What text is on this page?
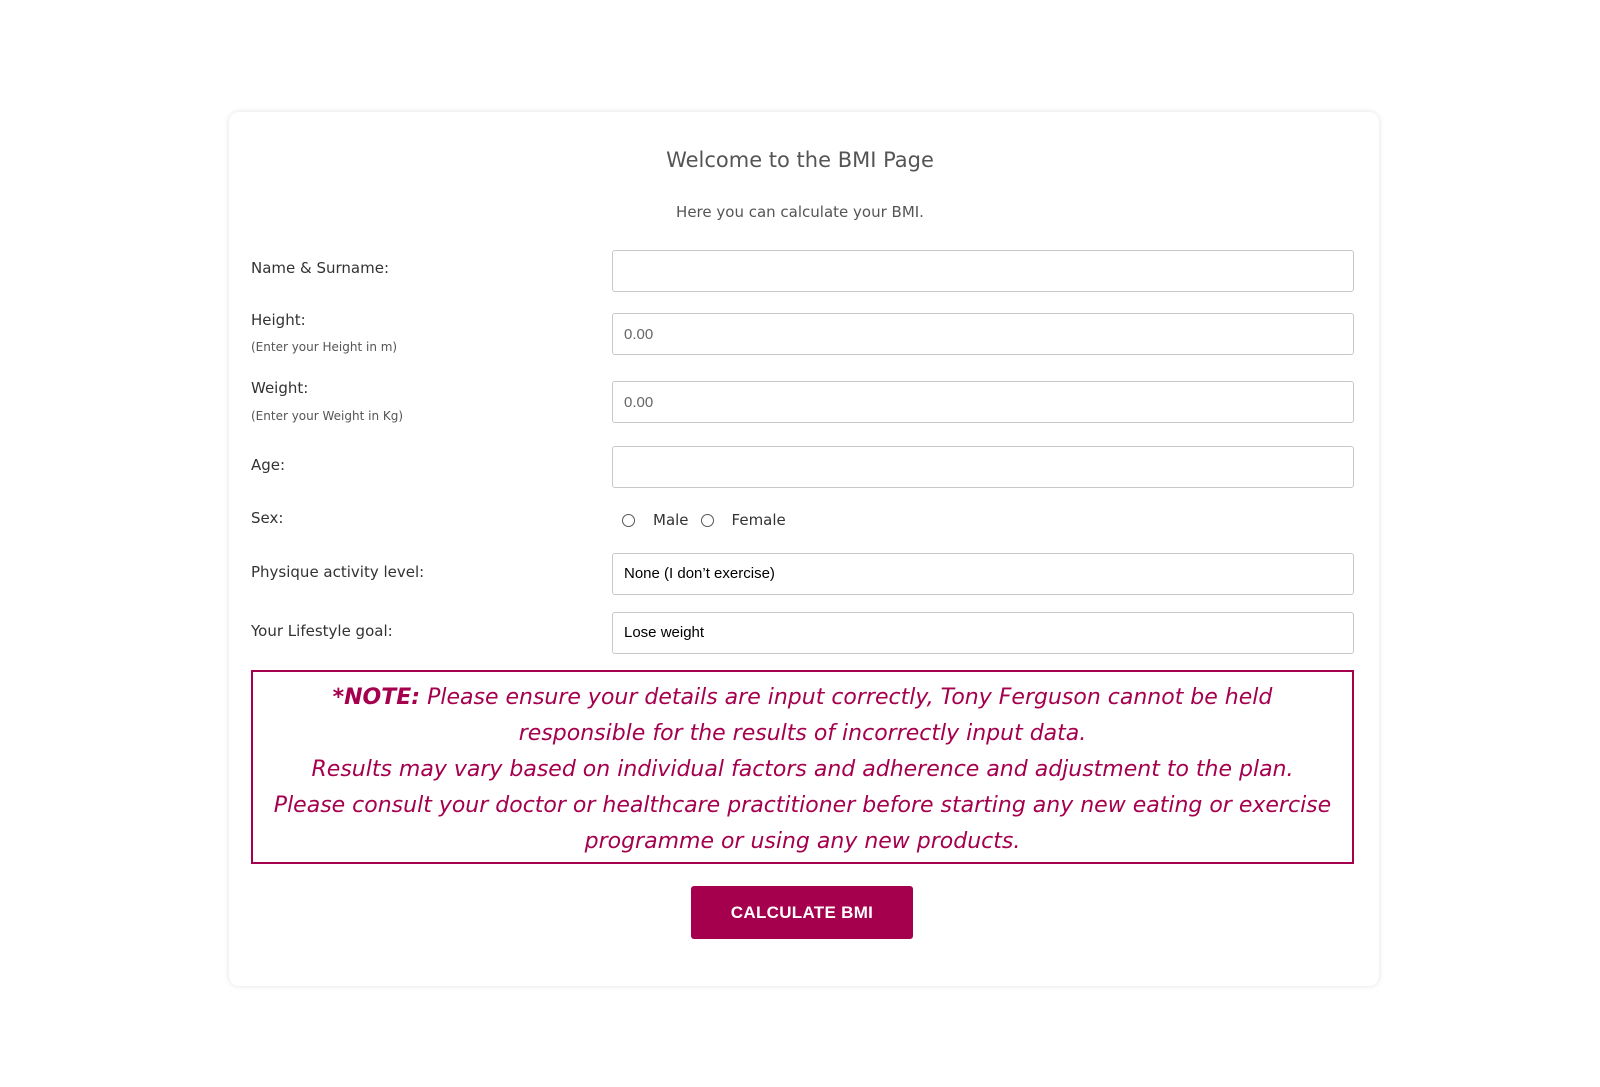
Welcome to the BMI Page
Here you can calculate your BMI.
Name & Surname:
Height:
(Enter your Height in m)
0.00
Weight:
(Enter your Weight in Kg)
0.00
Age:
Sex:	Male	Female
Physique activity level:	None (I don’t exercise)
Your Lifestyle goal:	Lose weight
*NOTE: Please ensure your details are input correctly, Tony Ferguson cannot be held responsible for the results of incorrectly input data.
Results may vary based on individual factors and adherence and adjustment to the plan.
Please consult your doctor or healthcare practitioner before starting any new eating or exercise programme or using any new products.
CALCULATE BMI
